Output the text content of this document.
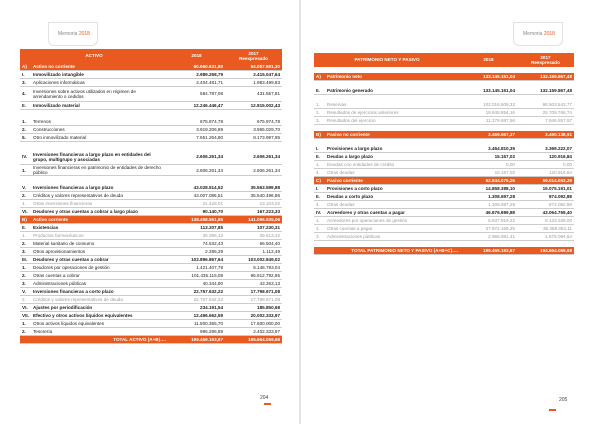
Memoria 2018
ACTIVO		2018	2017
Reexpresado
A)	Activo no corriente	60.960.631,80	54.087.691,30
I.	Inmovilizado intangible	2.989.268,79	2.415.047,64
3.	Aplicaciones informáticas	2.404.481,71	1.983.489,83
4.	Inversiones sobre activos utilizados en régimen de arrendamiento o cedidos	584.787,08	431.557,81
II.	Inmovilizado material	12.246.446,47	12.815.002,43

1.	Terrenos	675.974,78	675.974,78
2.	Construcciones	3.919.206,89	3.965.029,70
5.	Otro inmovilizado material	7.651.264,80	8.173.997,95

IV.	Inversiones financieras a largo plazo en entidades del grupo, multigrupo y asociadas	2.606.261,34	2.606.261,34
1.	Inversiones financieras en patrimonio de entidades de derecho público	2.606.261,34	2.606.261,34

V.	Inversiones financieras a largo plazo	43.028.514,52	35.563.599,88
2.	Créditos y valores representativos de deuda	43.007.086,51	35.540.496,86
4.	Otras inversiones financieras	21.428,01	23.103,02
VI.	Deudores y otras cuentas a cobrar a largo plazo	90.140,70	167.223,33
B)	Activo corriente	138.498.561,85	141.096.935,06
II.	Existencias	113.207,85	107.230,31
1.	Productos farmacéuticos	36.395,13	39.613,42
2.	Material sanitario de consumo	74.532,43	66.504,40
3.	Otros aprovisionamientos	2.285,29	1.112,49
III.	Deudores y otras cuentas a cobrar	102.896.867,64	103.002.849,02
1.	Deudores por operaciones de gestión	1.421.407,78	6.146.793,04
2.	Otras cuentas a cobrar	101.435.115,08	96.812.792,85
3.	Administraciones públicas	40.344,80	43.263,13
V.	Inversiones financieras a corto plazo	22.757.632,22	17.798.671,08
2.	Créditos y valores representativos de deuda	22.757.632,22	17.798.671,08
VI.	Ajustes por periodificación	234.191,54	185.850,68
VII.	Efectivo y otros activos líquidos equivalentes	12.496.662,59	20.002.333,97
1.	Otros activos líquidos equivalentes	11.500.365,70	17.600.000,00
2.	Tesorería	996.296,89	2.402.333,97
	TOTAL ACTIVO (A+B)….	199.459.193,67	195.664.059,68
204
Memoria 2018
PATRIMONIO NETO Y PASIVO		2018	2017
Reexpresado

A)	Patrimonio neto	133.145.151,04	132.159.867,48

II.	Patrimonio generado	133.145.151,04	132.159.867,48

1.	Reservas	102.016.609,32	98.503.543,77
2.	Resultados de ejercicios anteriores	19.848.854,16	25.709.766,74
3.	Resultados del ejercicio	11.279.687,56	7.946.557,97

B)	Pasivo no corriente	3.469.967,37	3.490.138,91

I.	Provisiones a largo plazo	3.454.810,35	3.369.222,07
II.	Deudas a largo plazo	15.157,02	120.916,84
1.	Deudas con entidades de crédito	0,00	0,00
4.	Otras deudas	15.157,02	120.916,84
C)	Pasivo corriente	62.844.075,26	59.014.053,29
I.	Provisiones a corto plazo	14.858.388,10	15.075.191,01
II.	Deudas a corto plazo	1.308.697,28	874.092,88
4.	Otras deudas	1.308.697,28	874.092,88
IV.	Acreedores y otras cuentas a pagar	46.676.989,88	43.064.769,40
1.	Acreedores por operaciones de gestión	5.637.919,22	6.133.328,00
2.	Otras cuentas a pagar	37.874.169,25	35.359.354,11
3.	Administraciones públicas	2.965.991,41	1.575.094,64

	TOTAL PATRIMONIO NETO Y PASIVO (A+B+C)….	199.459.193,67	194.664.059,68
205
